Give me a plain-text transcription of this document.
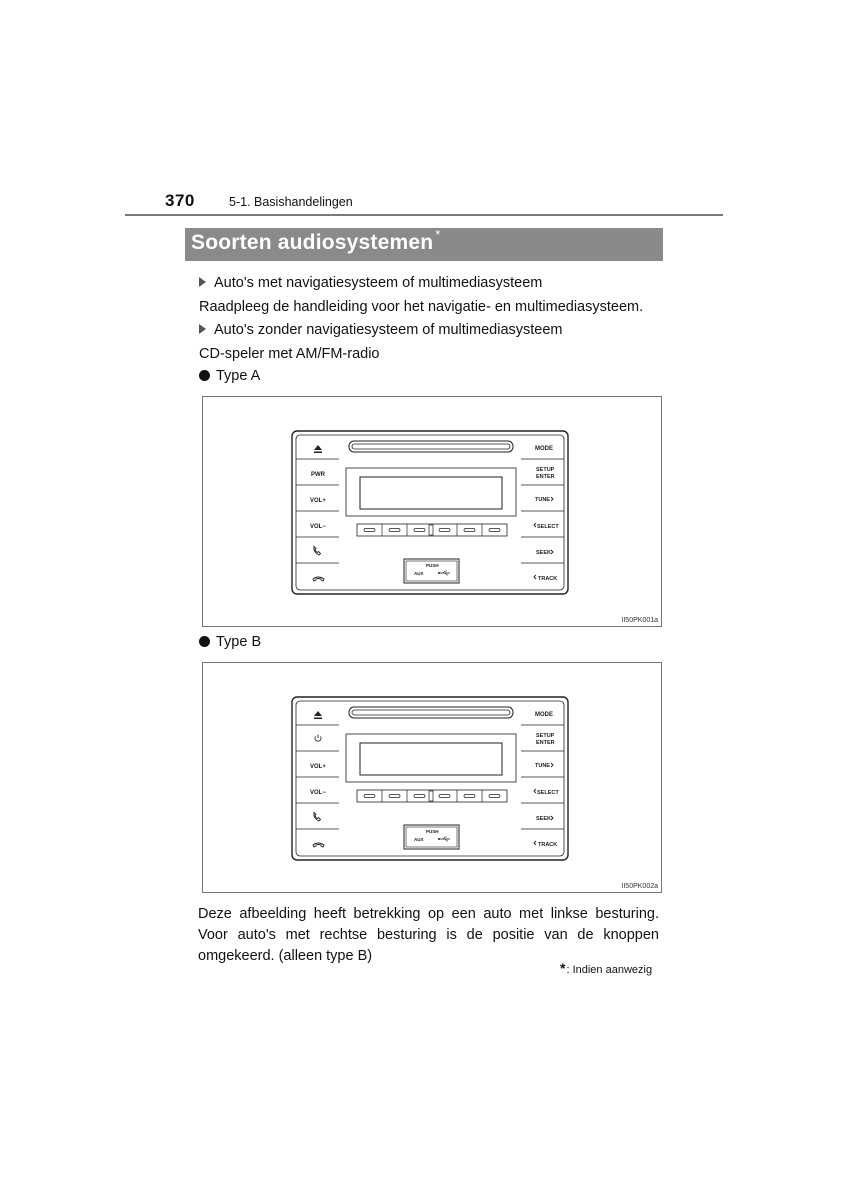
370	5-1. Basishandelingen
Soorten audiosystemen *
Auto's met navigatiesysteem of multimediasysteem
Raadpleeg de handleiding voor het navigatie- en multimediasysteem.
Auto's zonder navigatiesysteem of multimediasysteem
CD-speler met AM/FM-radio
Type A
PWR
VOL+
VOL−
MODE
SETUP
ENTER
TUNE
SELECT
SEEK
TRACK
PUSH
AUX
II50PK001a
Type B
VOL+
VOL−
MODE
SETUP
ENTER
TUNE
SELECT
SEEK
TRACK
PUSH
AUX
II50PK002a
Deze afbeelding heeft betrekking op een auto met linkse besturing. Voor auto's met rechtse besturing is de positie van de knoppen omgekeerd. (alleen type B)
*: Indien aanwezig
